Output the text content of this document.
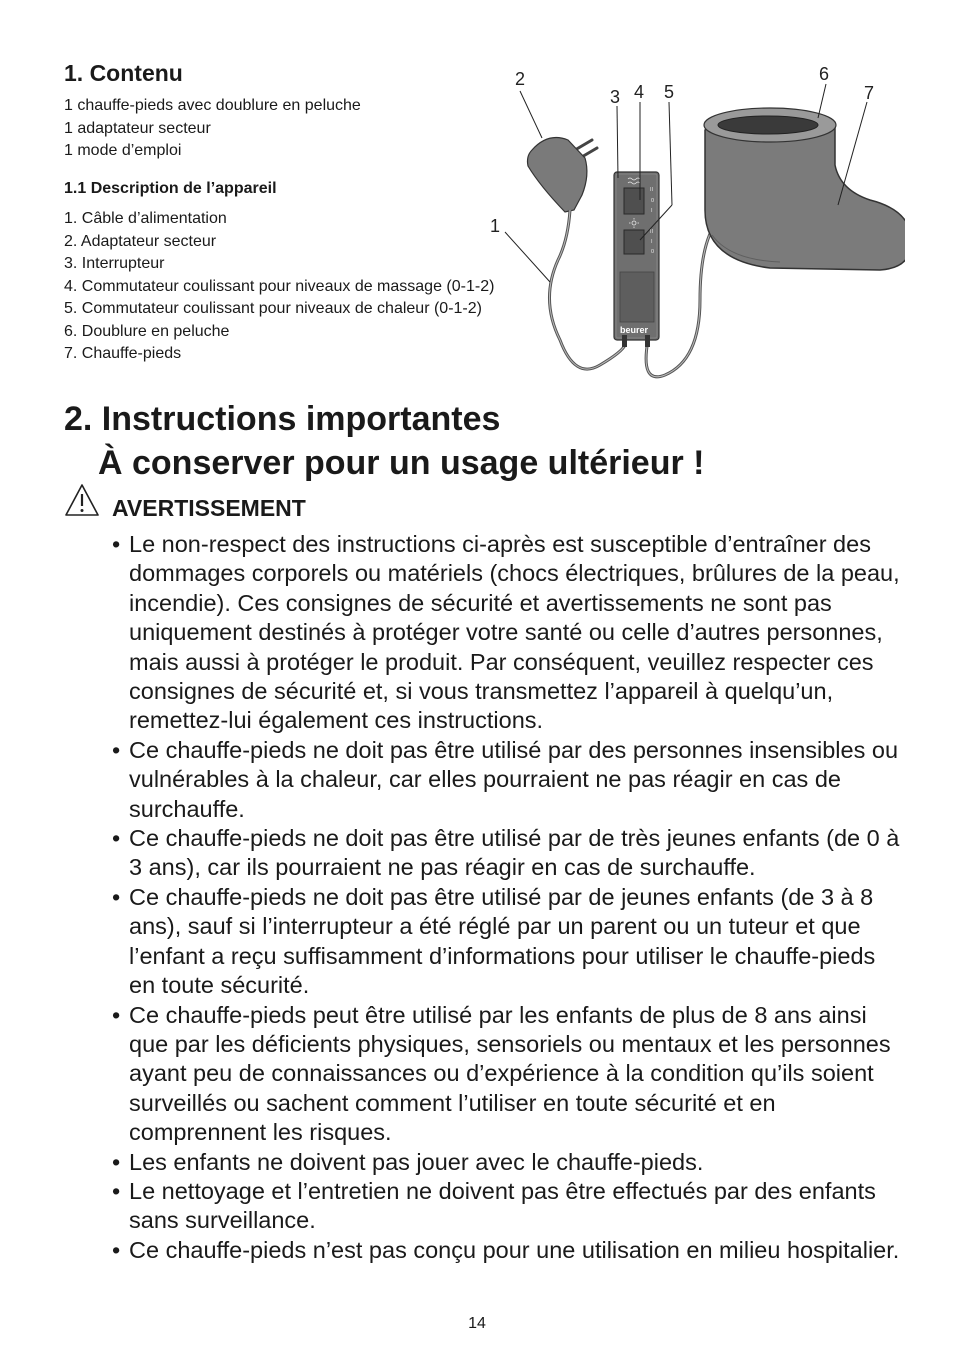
1. Contenu
1 chauffe-pieds avec doublure en peluche
1 adaptateur secteur
1 mode d’emploi
1.1 Description de l’appareil
1. Câble d’alimentation
2. Adaptateur secteur
3. Interrupteur
4. Commutateur coulissant pour niveaux de massage (0-1-2)
5. Commutateur coulissant pour niveaux de chaleur (0-1-2)
6. Doublure en peluche
7. Chauffe-pieds
II
0
I
II
I
0
beurer
1
2
3 4 5
6
7
2. Instructions importantes
À conserver pour un usage ultérieur !
AVERTISSEMENT
• Le non-respect des instructions ci-après est susceptible d’entraîner des dommages corporels ou matériels (chocs électriques, brûlures de la peau, incendie). Ces consignes de sécurité et avertissements ne sont pas uniquement destinés à protéger votre santé ou celle d’autres personnes, mais aussi à protéger le produit. Par conséquent, veuillez respecter ces consignes de sécurité et, si vous transmettez l’appareil à quelqu’un, remettez-lui également ces instructions.
• Ce chauffe-pieds ne doit pas être utilisé par des personnes insensibles ou vulnérables à la chaleur, car elles pourraient ne pas réagir en cas de surchauffe.
• Ce chauffe-pieds ne doit pas être utilisé par de très jeunes enfants (de 0 à 3 ans), car ils pourraient ne pas réagir en cas de surchauffe.
• Ce chauffe-pieds ne doit pas être utilisé par de jeunes enfants (de 3 à 8 ans), sauf si l’interrupteur a été réglé par un parent ou un tuteur et que l’enfant a reçu suffisamment d’informations pour utiliser le chauffe-pieds en toute sécurité.
• Ce chauffe-pieds peut être utilisé par les enfants de plus de 8 ans ainsi que par les déficients physiques, sensoriels ou mentaux et les personnes ayant peu de connaissances ou d’expérience à la condition qu’ils soient surveillés ou sachent comment l’utiliser en toute sécurité et en comprennent les risques.
• Les enfants ne doivent pas jouer avec le chauffe-pieds.
• Le nettoyage et l’entretien ne doivent pas être effectués par des enfants sans surveillance.
• Ce chauffe-pieds n’est pas conçu pour une utilisation en milieu hospitalier.
14
